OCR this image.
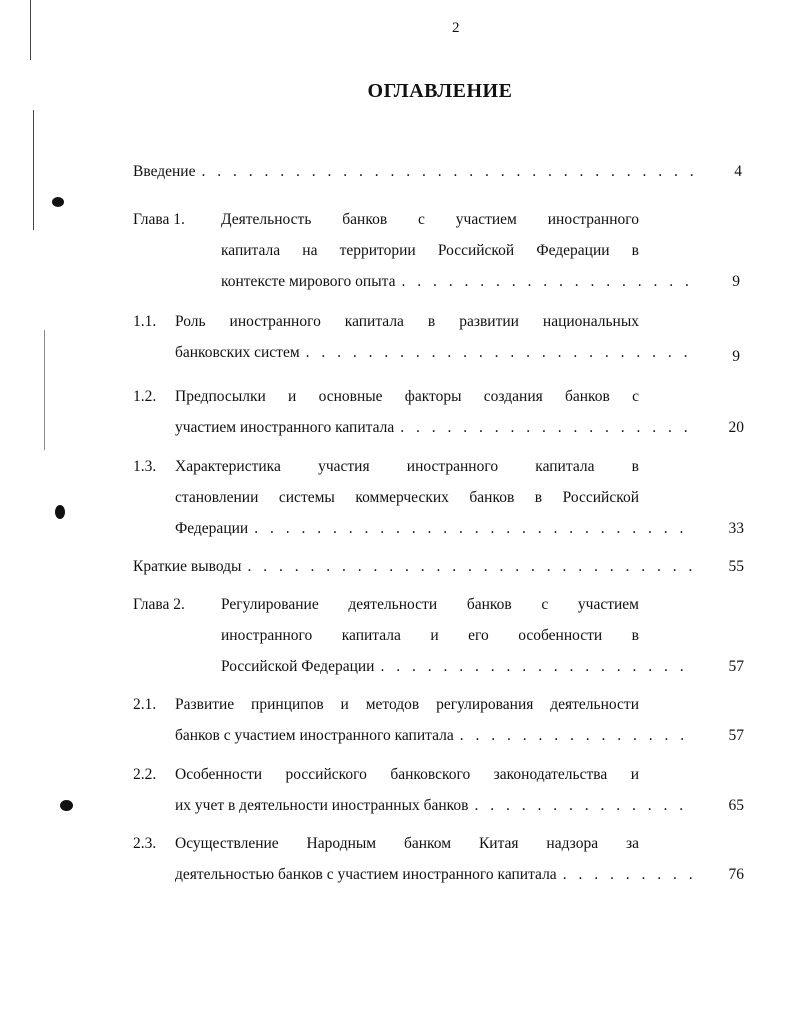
2
ОГЛАВЛЕНИЕ
Введение . . .	4
Глава 1. Деятельность банков с участием иностранного
капитала на территории Российской Федерации в
контексте мирового опыта . . .	9
1.1. Роль иностранного капитала в развитии национальных
банковских систем . . .	9
1.2. Предпосылки и основные факторы создания банков с
участием иностранного капитала . . .	20
1.3. Характеристика участия иностранного капитала в
становлении системы коммерческих банков в Российской
Федерации . . .	33
Краткие выводы . . .	55
Глава 2. Регулирование деятельности банков с участием
иностранного капитала и его особенности в
Российской Федерации . . .	57
2.1. Развитие принципов и методов регулирования деятельности
банков с участием иностранного капитала . . .	57
2.2. Особенности российского банковского законодательства и
их учет в деятельности иностранных банков . . .	65
2.3. Осуществление Народным банком Китая надзора за
деятельностью банков с участием иностранного капитала . . .	76
